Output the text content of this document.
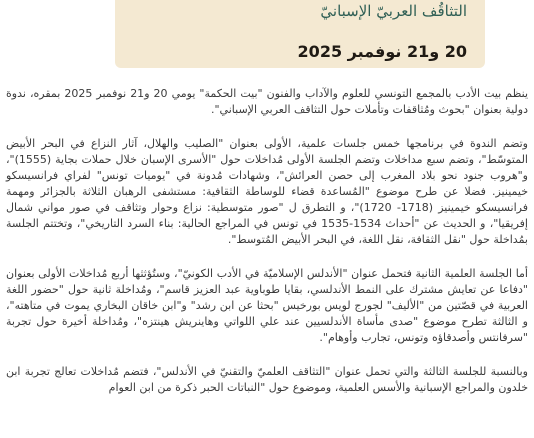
التثاقُف العربيّ الإسبانيّ
20 و21 نوفمبر 2025

ينظم بيت الأدب بالمجمع التونسي للعلوم والآداب والفنون "بيت الحكمة" يومي 20 و21 نوفمبر 2025 بمقره، ندوة دولية بعنوان "بحوث ومُثاقفات وتأملات حول التثاقف العربي الإسباني".

وتضم الندوة في برنامجها خمس جلسات علمية، الأولى بعنوان "الصليب والهلال، آثار النزاع في البحر الأبيض المتوسّط"، وتضم سبع مداخلات وتضم الجلسة الأولى مُداخلات حول "الأسرى الإسبان خلال حملات بجاية (1555)"، و"هروب جنود نحو بلاد المغرب إلى حصن العرائش"، وشهادات مُدونة في "يوميات تونس" لفراي فرانسيسكو خيمينيز. فضلا عن طرح موضوع "المُساعدة قضاء للوساطة الثقافية: مستشفى الرهبان الثلاثة بالجزائر ومهمة فرانسيسكو خيمينيز (1718- 1720)"، و التطرق ل "صور متوسطية: نزاع وحوار وتثاقف في صور مواني شمال إفريقيا"، و الحديث عن "أحداث 1534-1535 في تونس في المراجع الحالية: بناء السرد التاريخي"، وتختتم الجلسة بمُداخلة حول "نقل الثقافة، نقل اللغة، في البحر الأبيض المُتوسط".

أما الجلسة العلمية الثانية فتحمل عنوان "الأندلس الإسلاميّة في الأدب الكونيّ"، وستُؤثثها أربع مُداخلات الأولى بعنوان "دفاعا عن تعايش مشترك على النمط الأندلسي، بقايا طوباوية عبد العزيز قاسم"، ومُداخلة ثانية حول "حضور اللغة العربية في قصّتين من "الأليف" لجورج لويس بورخيس "بحثا عن ابن رشد" و"ابن خاقان البخاري يموت في متاهته"، و الثالثة تطرح موضوع "صدى مأساة الأندلسيين عند علي اللواتي وهاينريش هينتزه"، ومُداخلة أخيرة حول تجربة "سرفانتس وأصدقاؤه وتونس، تجارب وأوهام".

وبالنسبة للجلسة الثالثة والتي تحمل عنوان "التثاقف العلميّ والتقنيّ في الأندلس"، فتضم مُداخلات تعالج تجربة ابن خلدون والمراجع الإسبانية والأسس العلمية، وموضوع حول "النباتات الحبر ذكرة من ابن العوام
